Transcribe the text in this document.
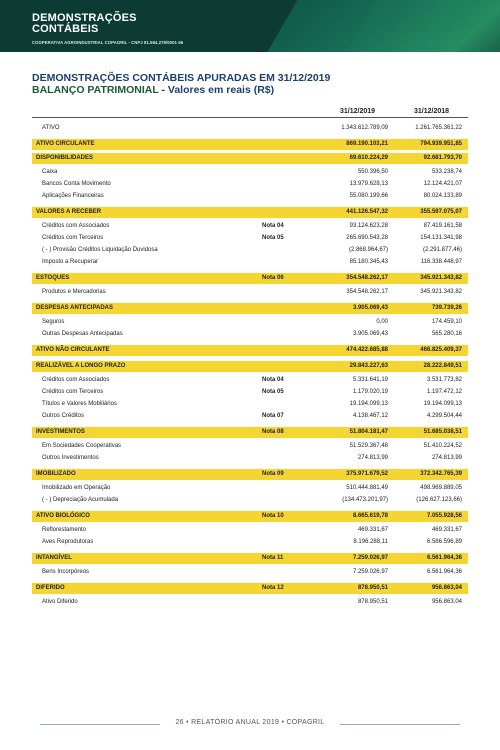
DEMONSTRAÇÕES
CONTÁBEIS
COOPERATIVA AGROINDUSTRIAL COPAGRIL - CNPJ 81.584.278/0001-55
DEMONSTRAÇÕES CONTÁBEIS APURADAS EM 31/12/2019
BALANÇO PATRIMONIAL - Valores em reais (R$)
31/12/2019	31/12/2018
ATIVO	1.343.612.789,09	1.261.765.361,22
ATIVO CIRCULANTE	869.190.103,21	794.939.951,85
DISPONIBILIDADES	69.610.224,29	92.681.793,70
Caixa	550.396,50	533.238,74
Bancos Conta Movimento	13.979.628,13	12.124.421,07
Aplicações Financeiras	55.080.199,66	80.024.133,89
VALORES A RECEBER	441.126.547,32	355.597.075,07
Créditos com Associados	Nota 04	93.124.623,28	87.419.161,58
Créditos com Terceiros	Nota 05	265.690.543,28	154.131.341,98
( - ) Provisão Créditos Liquidação Duvidosa	(2.868.964,67)	(2.291.877,46)
Imposto a Recuperar	85.180.345,43	116.338.448,97
ESTOQUES	Nota 06	354.548.262,17	345.921.343,82
Produtos e Mercadorias	354.548.262,17	345.921.343,82
DESPESAS ANTECIPADAS	3.905.069,43	739.739,26
Seguros	0,00	174.459,10
Outras Despesas Antecipadas	3.905.069,43	565.280,16
ATIVO NÃO CIRCULANTE	474.422.685,88	466.825.409,37
REALIZÁVEL A LONGO PRAZO	29.843.227,63	28.222.849,51
Créditos com Associados	Nota 04	5.331.641,19	3.531.773,82
Créditos com Terceiros	Nota 05	1.179.020,19	1.197.472,12
Títulos e Valores Mobiliários	19.194.099,13	19.194.099,13
Outros Créditos	Nota 07	4.138.467,12	4.299.504,44
INVESTIMENTOS	Nota 08	51.804.181,47	51.685.038,51
Em Sociedades Cooperativas	51.529.367,48	51.410.224,52
Outros Investimentos	274.813,99	274.813,99
IMOBILIZADO	Nota 09	375.971.679,52	372.342.765,39
Imobilizado em Operação	510.444.881,49	498.969.889,05
( - ) Depreciação Acumulada	(134.473.201,97)	(126.627.123,66)
ATIVO BIOLÓGICO	Nota 10	8.665.619,78	7.055.928,56
Reflorestamento	469.331,67	469.331,67
Aves Reprodutoras	8.196.288,11	6.586.596,89
INTANGÍVEL	Nota 11	7.259.026,97	6.561.964,36
Bens Incorpóreos	7.259.026,97	6.561.964,36
DIFERIDO	Nota 12	878.950,51	956.863,04
Ativo Diferido	878.950,51	956.863,04
26 • RELATÓRIO ANUAL 2019 • COPAGRIL
